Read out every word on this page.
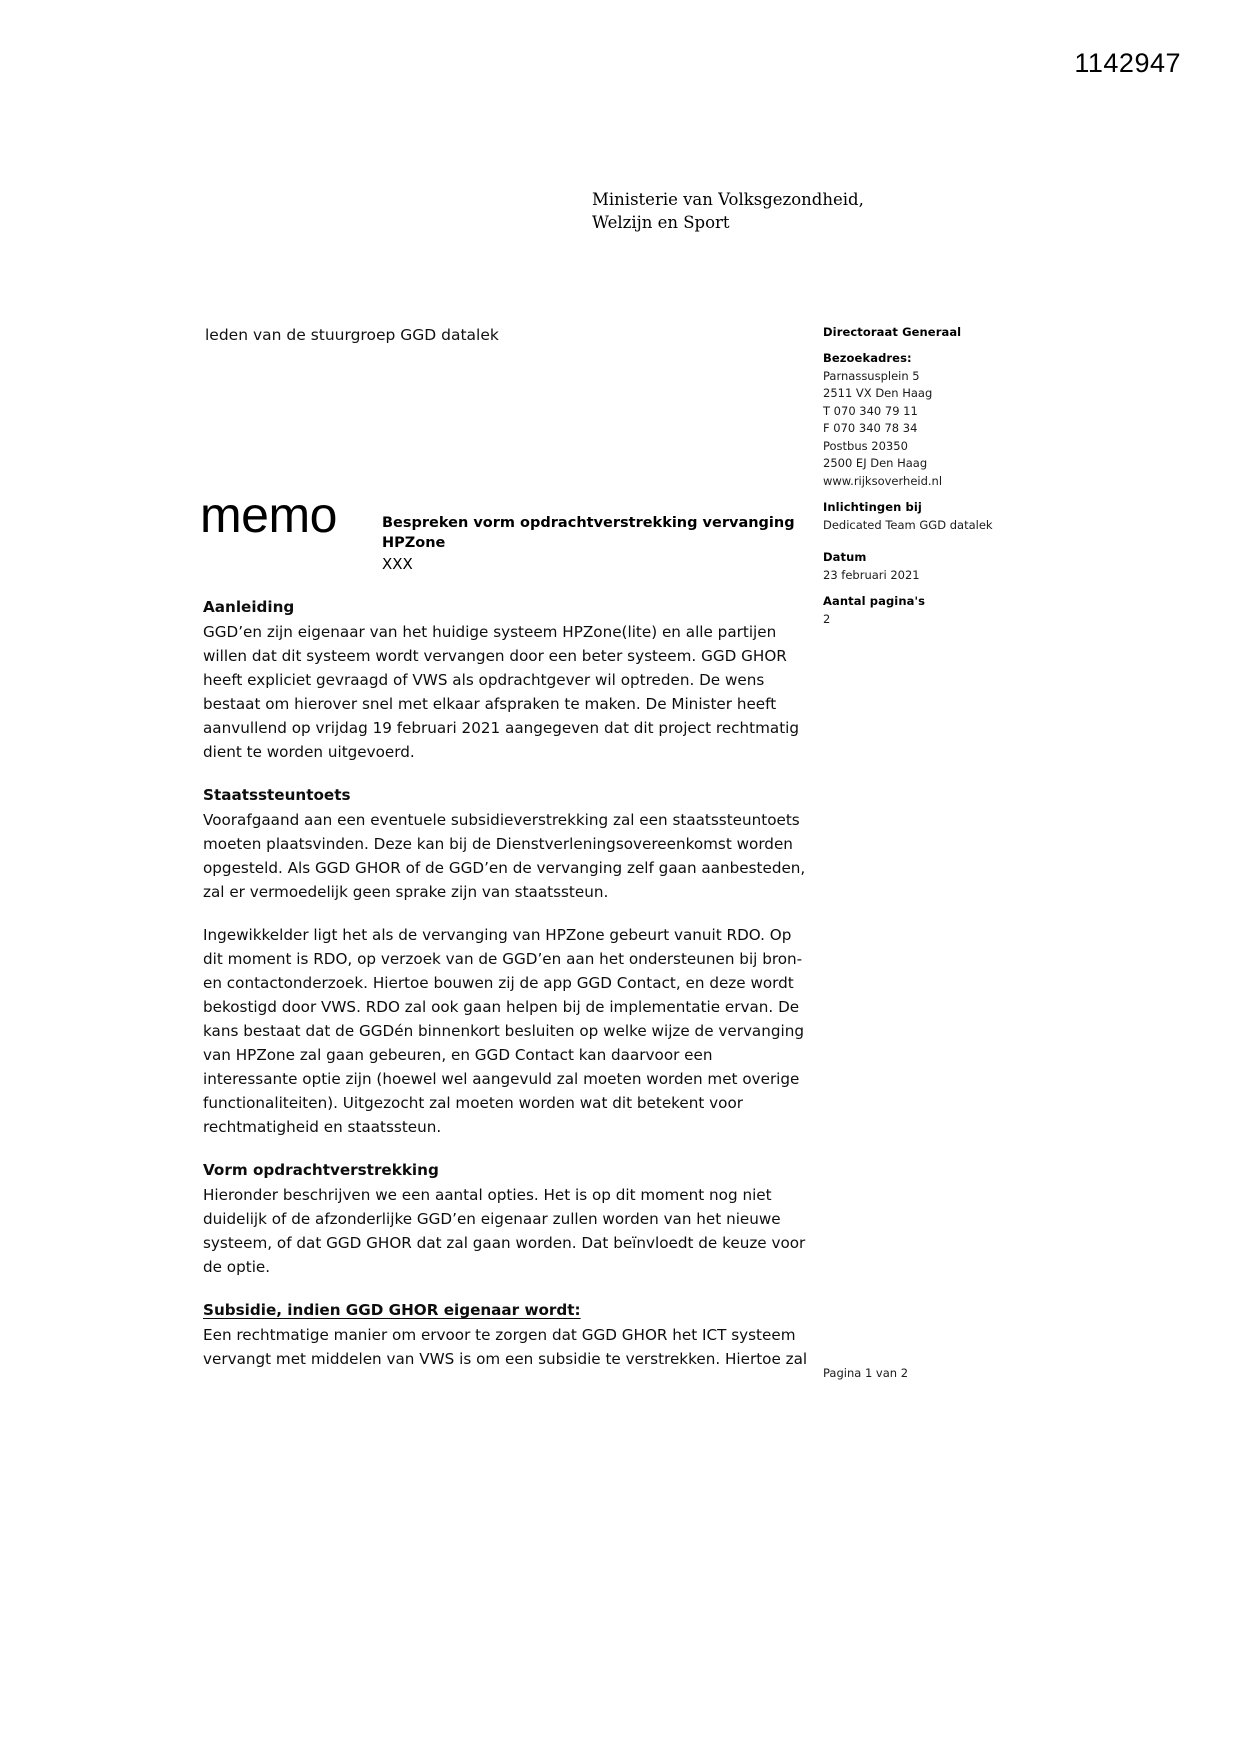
1142947
Ministerie van Volksgezondheid,
Welzijn en Sport
leden van de stuurgroep GGD datalek	Directoraat Generaal
Bezoekadres:
Parnassusplein 5
2511 VX Den Haag
T 070 340 79 11
F 070 340 78 34
Postbus 20350
2500 EJ Den Haag
www.rijksoverheid.nl
Inlichtingen bij
Dedicated Team GGD datalek
Datum
23 februari 2021
Aantal pagina's
2
memo	Bespreken vorm opdrachtverstrekking vervanging HPZone
XXX
Aanleiding
GGD’en zijn eigenaar van het huidige systeem HPZone(lite) en alle partijen willen dat dit systeem wordt vervangen door een beter systeem. GGD GHOR heeft expliciet gevraagd of VWS als opdrachtgever wil optreden. De wens bestaat om hierover snel met elkaar afspraken te maken. De Minister heeft aanvullend op vrijdag 19 februari 2021 aangegeven dat dit project rechtmatig dient te worden uitgevoerd.
Staatssteuntoets
Voorafgaand aan een eventuele subsidieverstrekking zal een staatssteuntoets moeten plaatsvinden. Deze kan bij de Dienstverleningsovereenkomst worden opgesteld. Als GGD GHOR of de GGD’en de vervanging zelf gaan aanbesteden, zal er vermoedelijk geen sprake zijn van staatssteun.
Ingewikkelder ligt het als de vervanging van HPZone gebeurt vanuit RDO. Op dit moment is RDO, op verzoek van de GGD’en aan het ondersteunen bij bron- en contactonderzoek. Hiertoe bouwen zij de app GGD Contact, en deze wordt bekostigd door VWS. RDO zal ook gaan helpen bij de implementatie ervan. De kans bestaat dat de GGDén binnenkort besluiten op welke wijze de vervanging van HPZone zal gaan gebeuren, en GGD Contact kan daarvoor een interessante optie zijn (hoewel wel aangevuld zal moeten worden met overige functionaliteiten). Uitgezocht zal moeten worden wat dit betekent voor rechtmatigheid en staatssteun.
Vorm opdrachtverstrekking
Hieronder beschrijven we een aantal opties. Het is op dit moment nog niet duidelijk of de afzonderlijke GGD’en eigenaar zullen worden van het nieuwe systeem, of dat GGD GHOR dat zal gaan worden. Dat beïnvloedt de keuze voor de optie.
Subsidie, indien GGD GHOR eigenaar wordt:
Een rechtmatige manier om ervoor te zorgen dat GGD GHOR het ICT systeem vervangt met middelen van VWS is om een subsidie te verstrekken. Hiertoe zal
Pagina 1 van 2
